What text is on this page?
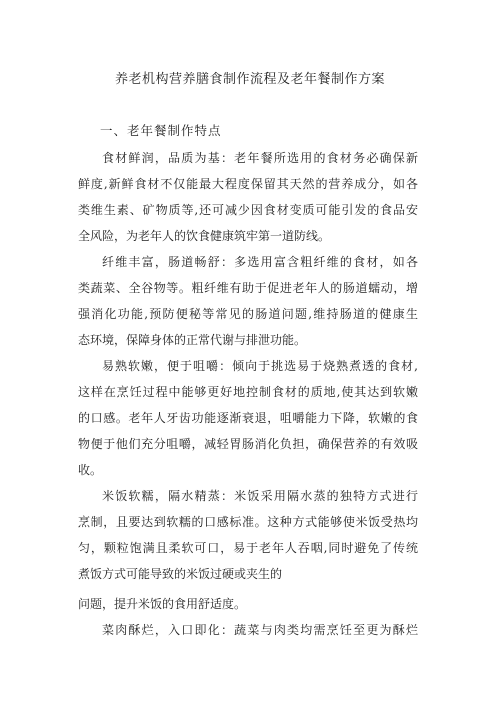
养老机构营养膳食制作流程及老年餐制作方案
一、老年餐制作特点
食材鲜润，品质为基：老年餐所选用的食材务必确保新
鲜度,新鲜食材不仅能最大程度保留其天然的营养成分，如各
类维生素、矿物质等,还可减少因食材变质可能引发的食品安
全风险，为老年人的饮食健康筑牢第一道防线。
纤维丰富，肠道畅舒：多选用富含粗纤维的食材，如各
类蔬菜、全谷物等。粗纤维有助于促进老年人的肠道蠕动，增
强消化功能,预防便秘等常见的肠道问题,维持肠道的健康生
态环境，保障身体的正常代谢与排泄功能。
易熟软嫩，便于咀嚼：倾向于挑选易于烧熟煮透的食材,
这样在烹饪过程中能够更好地控制食材的质地,使其达到软嫩
的口感。老年人牙齿功能逐渐衰退，咀嚼能力下降，软嫩的食
物便于他们充分咀嚼，减轻胃肠消化负担，确保营养的有效吸
收。
米饭软糯，隔水精蒸：米饭采用隔水蒸的独特方式进行
烹制，且要达到软糯的口感标准。这种方式能够使米饭受热均
匀，颗粒饱满且柔软可口，易于老年人吞咽,同时避免了传统
煮饭方式可能导致的米饭过硬或夹生的
问题，提升米饭的食用舒适度。
菜肉酥烂，入口即化：蔬菜与肉类均需烹饪至更为酥烂
